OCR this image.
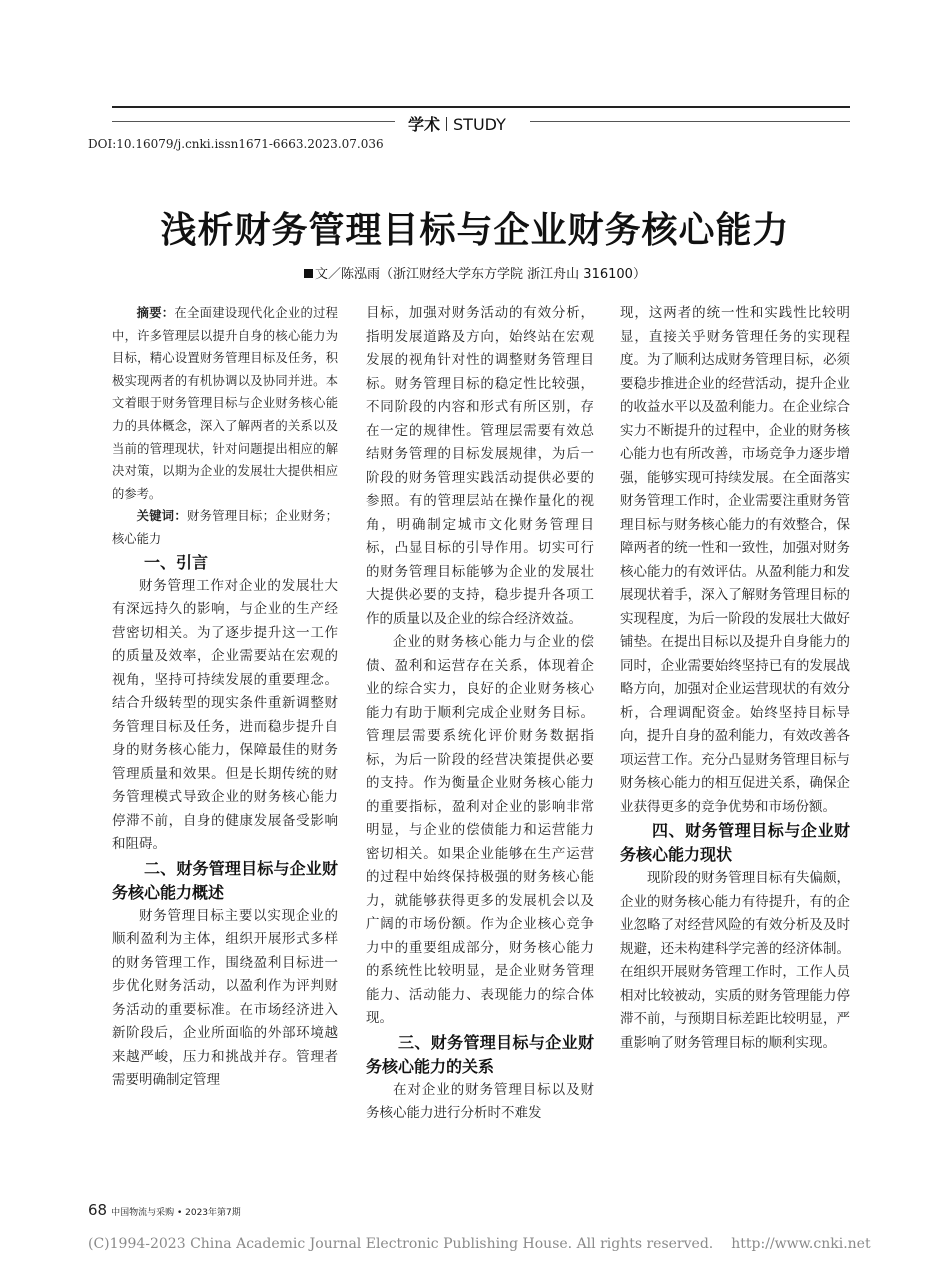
学术 STUDY
DOI:10.16079/j.cnki.issn1671-6663.2023.07.036
浅析财务管理目标与企业财务核心能力
文／陈泓雨（浙江财经大学东方学院 浙江舟山 316100）

摘要：在全面建设现代化企业的过程中，许多管理层以提升自身的核心能力为目标，精心设置财务管理目标及任务，积极实现两者的有机协调以及协同并进。本文着眼于财务管理目标与企业财务核心能力的具体概念，深入了解两者的关系以及当前的管理现状，针对问题提出相应的解决对策，以期为企业的发展壮大提供相应的参考。

关键词：财务管理目标；企业财务；核心能力

一、引言

财务管理工作对企业的发展壮大有深远持久的影响，与企业的生产经营密切相关。为了逐步提升这一工作的质量及效率，企业需要站在宏观的视角，坚持可持续发展的重要理念。结合升级转型的现实条件重新调整财务管理目标及任务，进而稳步提升自身的财务核心能力，保障最佳的财务管理质量和效果。但是长期传统的财务管理模式导致企业的财务核心能力停滞不前，自身的健康发展备受影响和阻碍。

二、财务管理目标与企业财务核心能力概述

财务管理目标主要以实现企业的顺利盈利为主体，组织开展形式多样的财务管理工作，围绕盈利目标进一步优化财务活动，以盈利作为评判财务活动的重要标准。在市场经济进入新阶段后，企业所面临的外部环境越来越严峻，压力和挑战并存。管理者需要明确制定管理

目标，加强对财务活动的有效分析，指明发展道路及方向，始终站在宏观发展的视角针对性的调整财务管理目标。财务管理目标的稳定性比较强，不同阶段的内容和形式有所区别，存在一定的规律性。管理层需要有效总结财务管理的目标发展规律，为后一阶段的财务管理实践活动提供必要的参照。有的管理层站在操作量化的视角，明确制定城市文化财务管理目标，凸显目标的引导作用。切实可行的财务管理目标能够为企业的发展壮大提供必要的支持，稳步提升各项工作的质量以及企业的综合经济效益。

企业的财务核心能力与企业的偿债、盈利和运营存在关系，体现着企业的综合实力，良好的企业财务核心能力有助于顺利完成企业财务目标。管理层需要系统化评价财务数据指标，为后一阶段的经营决策提供必要的支持。作为衡量企业财务核心能力的重要指标，盈利对企业的影响非常明显，与企业的偿债能力和运营能力密切相关。如果企业能够在生产运营的过程中始终保持极强的财务核心能力，就能够获得更多的发展机会以及广阔的市场份额。作为企业核心竞争力中的重要组成部分，财务核心能力的系统性比较明显，是企业财务管理能力、活动能力、表现能力的综合体现。

三、财务管理目标与企业财务核心能力的关系

在对企业的财务管理目标以及财务核心能力进行分析时不难发

现，这两者的统一性和实践性比较明显，直接关乎财务管理任务的实现程度。为了顺利达成财务管理目标，必须要稳步推进企业的经营活动，提升企业的收益水平以及盈利能力。在企业综合实力不断提升的过程中，企业的财务核心能力也有所改善，市场竞争力逐步增强，能够实现可持续发展。在全面落实财务管理工作时，企业需要注重财务管理目标与财务核心能力的有效整合，保障两者的统一性和一致性，加强对财务核心能力的有效评估。从盈利能力和发展现状着手，深入了解财务管理目标的实现程度，为后一阶段的发展壮大做好铺垫。在提出目标以及提升自身能力的同时，企业需要始终坚持已有的发展战略方向，加强对企业运营现状的有效分析，合理调配资金。始终坚持目标导向，提升自身的盈利能力，有效改善各项运营工作。充分凸显财务管理目标与财务核心能力的相互促进关系，确保企业获得更多的竞争优势和市场份额。

四、财务管理目标与企业财务核心能力现状

现阶段的财务管理目标有失偏颇，企业的财务核心能力有待提升，有的企业忽略了对经营风险的有效分析及及时规避，还未构建科学完善的经济体制。在组织开展财务管理工作时，工作人员相对比较被动，实质的财务管理能力停滞不前，与预期目标差距比较明显，严重影响了财务管理目标的顺利实现。

68 中国物流与采购 • 2023年第7期
(C)1994-2023 China Academic Journal Electronic Publishing House. All rights reserved. http://www.cnki.net
